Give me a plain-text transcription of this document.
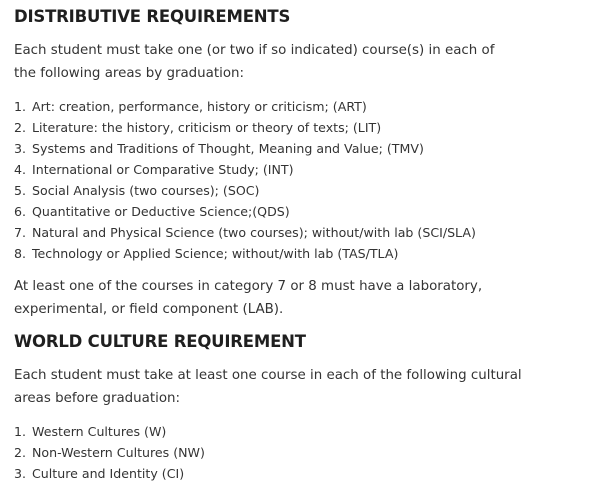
DISTRIBUTIVE REQUIREMENTS

Each student must take one (or two if so indicated) course(s) in each of the following areas by graduation:

1. Art: creation, performance, history or criticism; (ART)
2. Literature: the history, criticism or theory of texts; (LIT)
3. Systems and Traditions of Thought, Meaning and Value; (TMV)
4. International or Comparative Study; (INT)
5. Social Analysis (two courses); (SOC)
6. Quantitative or Deductive Science;(QDS)
7. Natural and Physical Science (two courses); without/with lab (SCI/SLA)
8. Technology or Applied Science; without/with lab (TAS/TLA)

At least one of the courses in category 7 or 8 must have a laboratory, experimental, or field component (LAB).

WORLD CULTURE REQUIREMENT

Each student must take at least one course in each of the following cultural areas before graduation:

1. Western Cultures (W)
2. Non-Western Cultures (NW)
3. Culture and Identity (CI)
